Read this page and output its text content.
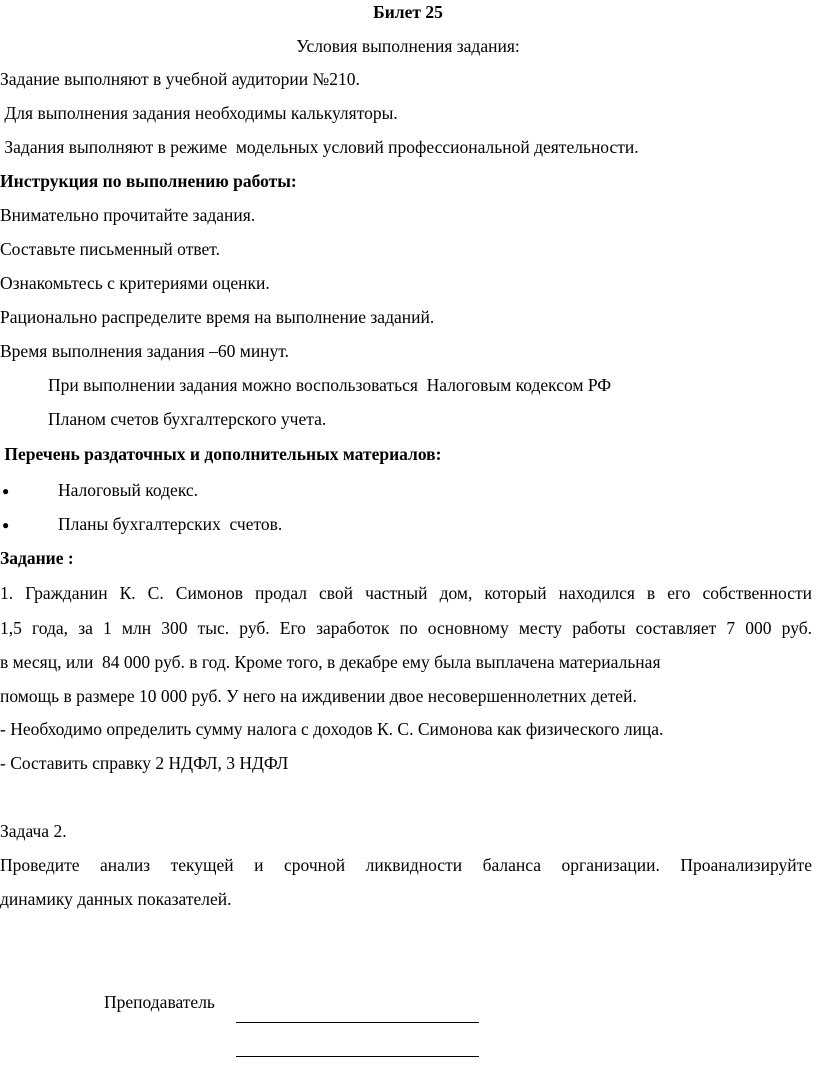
Билет 25
Условия выполнения задания:
Задание выполняют в учебной аудитории №210.
Для выполнения задания необходимы калькуляторы.
Задания выполняют в режиме  модельных условий профессиональной деятельности.
Инструкция по выполнению работы:
Внимательно прочитайте задания.
Составьте письменный ответ.
Ознакомьтесь с критериями оценки.
Рационально распределите время на выполнение заданий.
Время выполнения задания –60 минут.
При выполнении задания можно воспользоваться  Налоговым кодексом РФ
Планом счетов бухгалтерского учета.
Перечень раздаточных и дополнительных материалов:
●	Налоговый кодекс.
●	Планы бухгалтерских  счетов.
Задание :
1. Гражданин К. С. Симонов продал свой частный дом, который находился в его собственности
1,5 года, за 1 млн 300 тыс. руб. Его заработок по основному месту работы составляет 7 000 руб.
в месяц, или  84 000 руб. в год. Кроме того, в декабре ему была выплачена материальная
помощь в размере 10 000 руб. У него на иждивении двое несовершеннолетних детей.
- Необходимо определить сумму налога с доходов К. С. Симонова как физического лица.
- Составить справку 2 НДФЛ, 3 НДФЛ
Задача 2.
Проведите анализ текущей и срочной ликвидности баланса организации. Проанализируйте
динамику данных показателей.
Преподаватель
